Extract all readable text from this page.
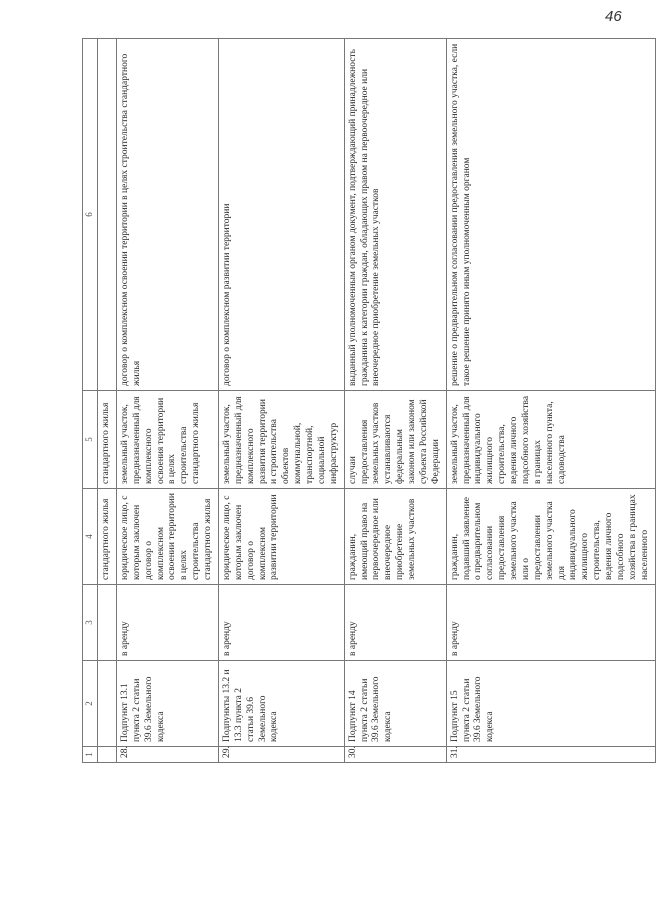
46
1	2	3	4	5	6
			стандартного жилья	стандартного жилья	
28.	Подпункт 13.1 пункта 2 статьи 39.6 Земельного кодекса	в аренду	юридическое лицо, с которым заключен договор о комплексном освоении территории в целях строительства стандартного жилья	земельный участок, предназначенный для комплексного освоения территории в целях строительства стандартного жилья	договор о комплексном освоении территории в целях строительства стандартного жилья
29.	Подпункты 13.2 и 13.3 пункта 2 статьи 39.6 Земельного кодекса	в аренду	юридическое лицо, с которым заключен договор о комплексном развитии территории	земельный участок, предназначенный для комплексного развития территории и строительства объектов коммунальной, транспортной, социальной инфраструктур	договор о комплексном развитии территории
30.	Подпункт 14 пункта 2 статьи 39.6 Земельного кодекса	в аренду	гражданин, имеющий право на первоочередное или внеочередное приобретение земельных участков	случаи предоставления земельных участков устанавливаются федеральным законом или законом субъекта Российской Федерации	выданный уполномоченным органом документ, подтверждающий принадлежность гражданина к категории граждан, обладающих правом на первоочередное или внеочередное приобретение земельных участков
31.	Подпункт 15 пункта 2 статьи 39.6 Земельного кодекса	в аренду	гражданин, подавший заявление о предварительном согласовании предоставления земельного участка или о предоставлении земельного участка для индивидуального жилищного строительства, ведения личного подсобного хозяйства в границах населенного	земельный участок, предназначенный для индивидуального жилищного строительства, ведения личного подсобного хозяйства в границах населенного пункта, садоводства	решение о предварительном согласовании предоставления земельного участка, если такое решение принято иным уполномоченным органом
